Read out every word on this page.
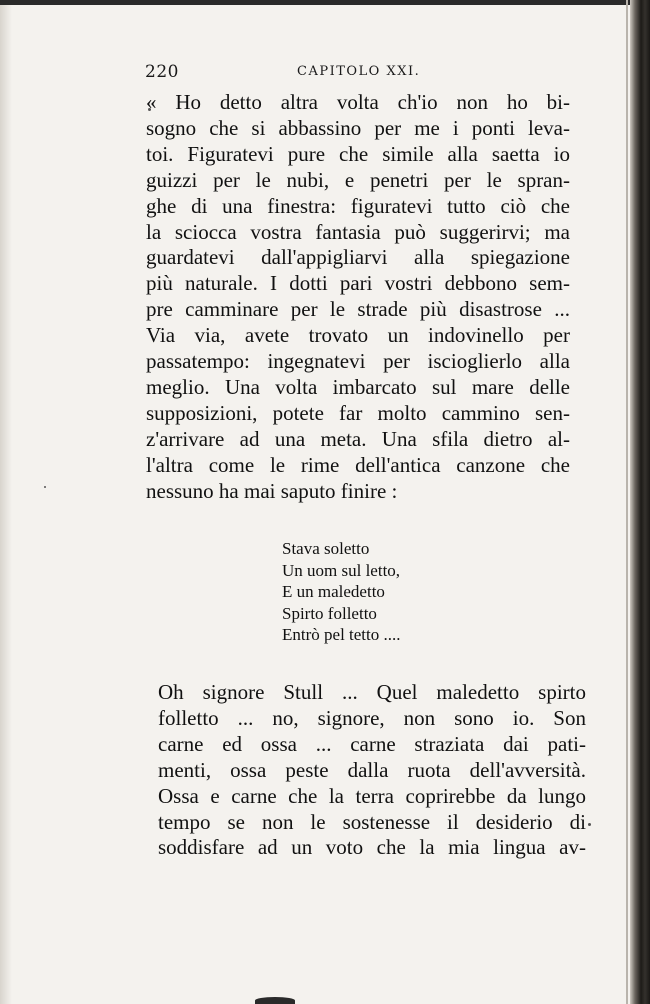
220	CAPITOLO XXI.

« Ho detto altra volta ch'io non ho bi-
sogno che si abbassino per me i ponti leva-
toi. Figuratevi pure che simile alla saetta io
guizzi per le nubi, e penetri per le spran-
ghe di una finestra: figuratevi tutto ciò che
la sciocca vostra fantasia può suggerirvi; ma
guardatevi dall'appigliarvi alla spiegazione
più naturale. I dotti pari vostri debbono sem-
pre camminare per le strade più disastrose ...
Via via, avete trovato un indovinello per
passatempo: ingegnatevi per iscioglierlo alla
meglio. Una volta imbarcato sul mare delle
supposizioni, potete far molto cammino sen-
z'arrivare ad una meta. Una sfila dietro al-
l'altra come le rime dell'antica canzone che
nessuno ha mai saputo finire :

Stava soletto
Un uom sul letto,
E un maledetto
Spirto folletto
Entrò pel tetto ....

Oh signore Stull ... Quel maledetto spirto
folletto ... no, signore, non sono io. Son
carne ed ossa ... carne straziata dai pati-
menti, ossa peste dalla ruota dell'avversità.
Ossa e carne che la terra coprirebbe da lungo
tempo se non le sostenesse il desiderio di
soddisfare ad un voto che la mia lingua av-
